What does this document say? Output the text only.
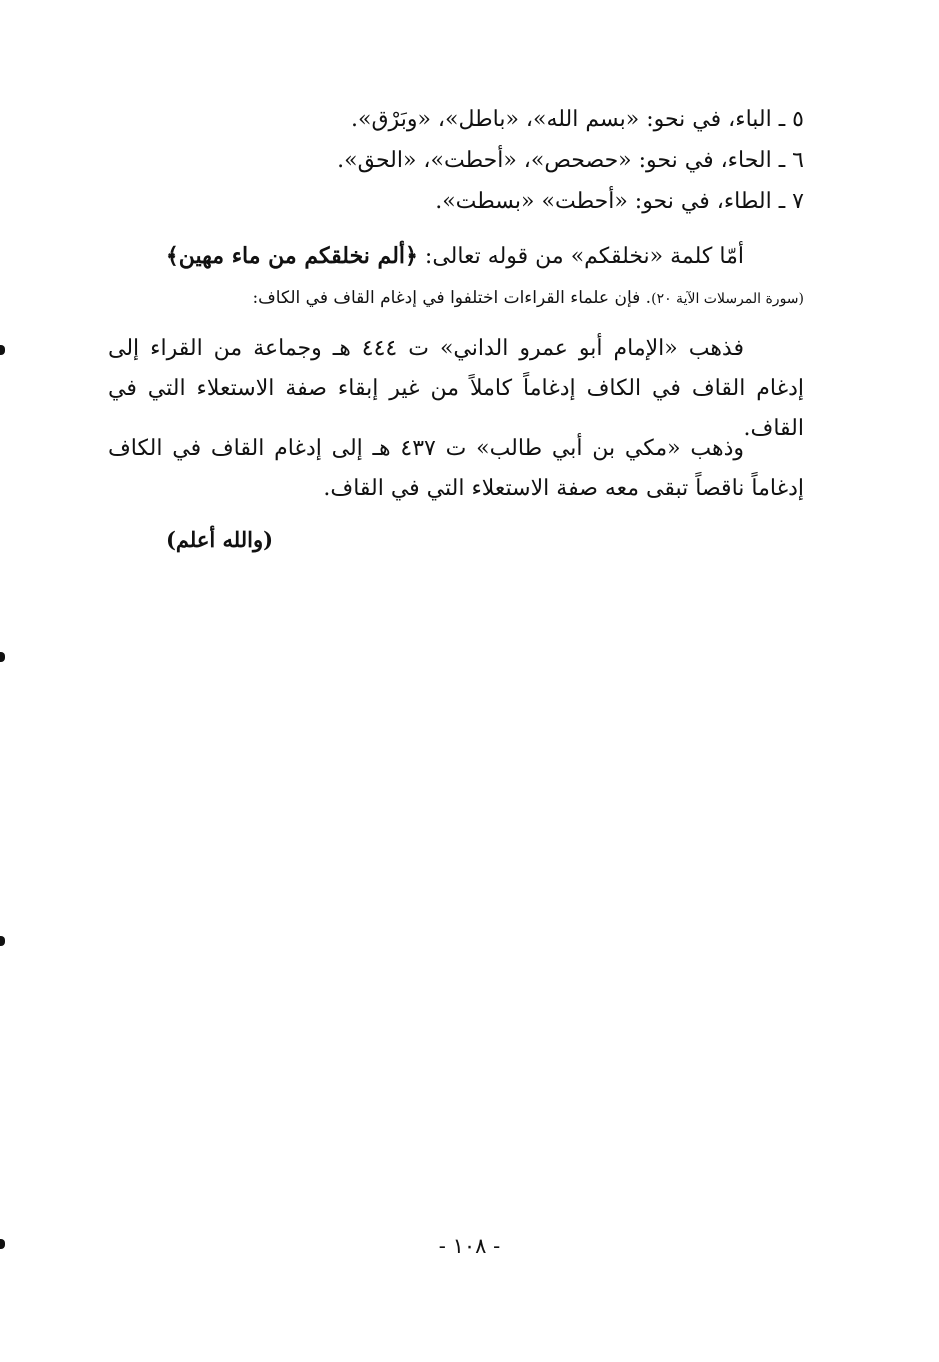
٥ ـ الباء، في نحو: «بسم الله»، «باطل»، «وبَرْق».
٦ ـ الحاء، في نحو: «حصحص»، «أحطت»، «الحق».
٧ ـ الطاء، في نحو: «أحطت» «بسطت».
أمّا كلمة «نخلقكم» من قوله تعالى: ﴿ألم نخلقكم من ماء مهين﴾
(سورة المرسلات الآية ٢٠). فإن علماء القراءات اختلفوا في إدغام القاف في الكاف:
فذهب «الإمام أبو عمرو الداني» ت ٤٤٤ هـ وجماعة من القراء إلى إدغام القاف في الكاف إدغاماً كاملاً من غير إبقاء صفة الاستعلاء التي في القاف.
وذهب «مكي بن أبي طالب» ت ٤٣٧ هـ إلى إدغام القاف في الكاف إدغاماً ناقصاً تبقى معه صفة الاستعلاء التي في القاف.
(والله أعلم)
- ١٠٨ -
